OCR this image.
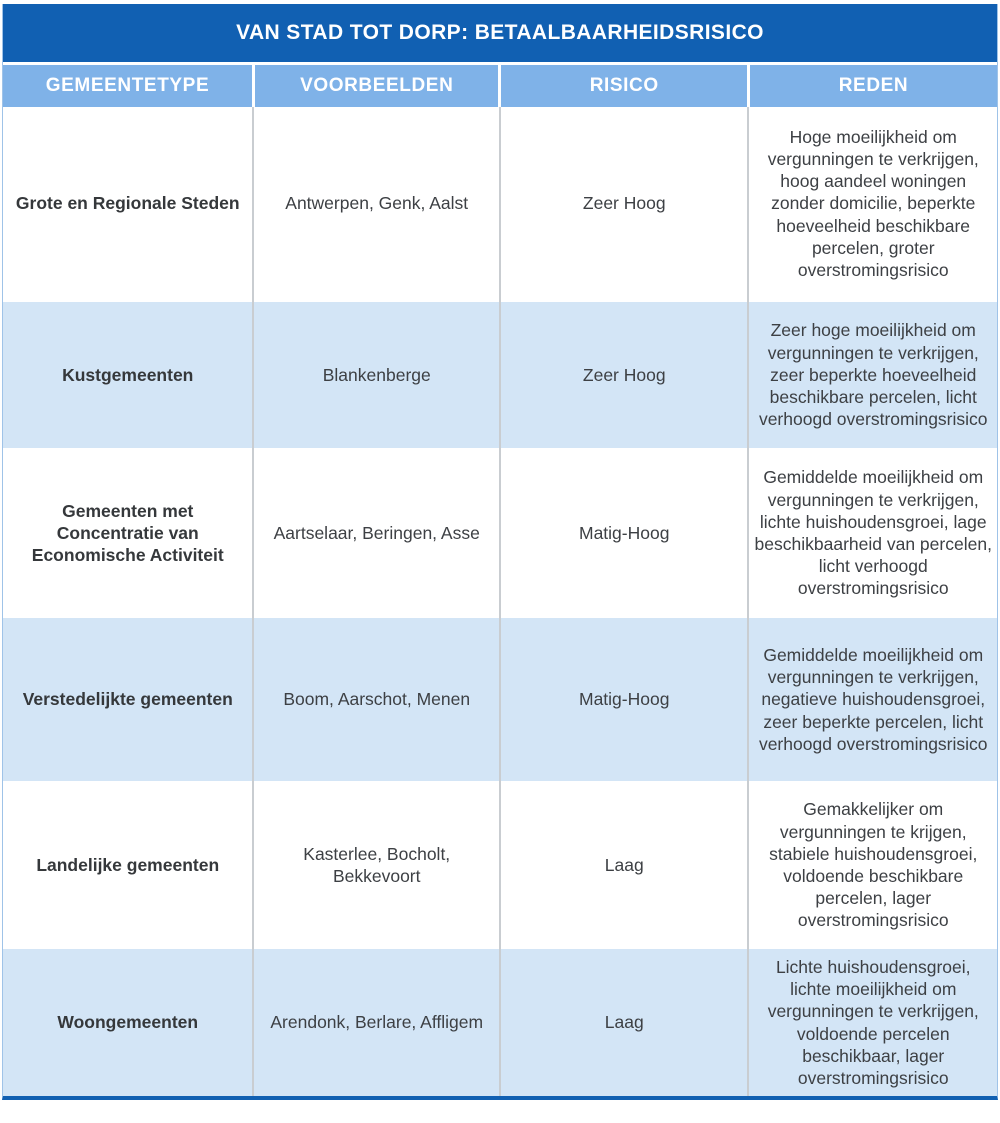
VAN STAD TOT DORP: BETAALBAARHEIDSRISICO
GEMEENTETYPE	VOORBEELDEN	RISICO	REDEN
Grote en Regionale Steden	Antwerpen, Genk, Aalst	Zeer Hoog	Hoge moeilijkheid om vergunningen te verkrijgen, hoog aandeel woningen zonder domicilie, beperkte hoeveelheid beschikbare percelen, groter overstromingsrisico
Kustgemeenten	Blankenberge	Zeer Hoog	Zeer hoge moeilijkheid om vergunningen te verkrijgen, zeer beperkte hoeveelheid beschikbare percelen, licht verhoogd overstromingsrisico
Gemeenten met Concentratie van Economische Activiteit	Aartselaar, Beringen, Asse	Matig-Hoog	Gemiddelde moeilijkheid om vergunningen te verkrijgen, lichte huishoudensgroei, lage beschikbaarheid van percelen, licht verhoogd overstromingsrisico
Verstedelijkte gemeenten	Boom, Aarschot, Menen	Matig-Hoog	Gemiddelde moeilijkheid om vergunningen te verkrijgen, negatieve huishoudensgroei, zeer beperkte percelen, licht verhoogd overstromingsrisico
Landelijke gemeenten	Kasterlee, Bocholt, Bekkevoort	Laag	Gemakkelijker om vergunningen te krijgen, stabiele huishoudensgroei, voldoende beschikbare percelen, lager overstromingsrisico
Woongemeenten	Arendonk, Berlare, Affligem	Laag	Lichte huishoudensgroei, lichte moeilijkheid om vergunningen te verkrijgen, voldoende percelen beschikbaar, lager overstromingsrisico
